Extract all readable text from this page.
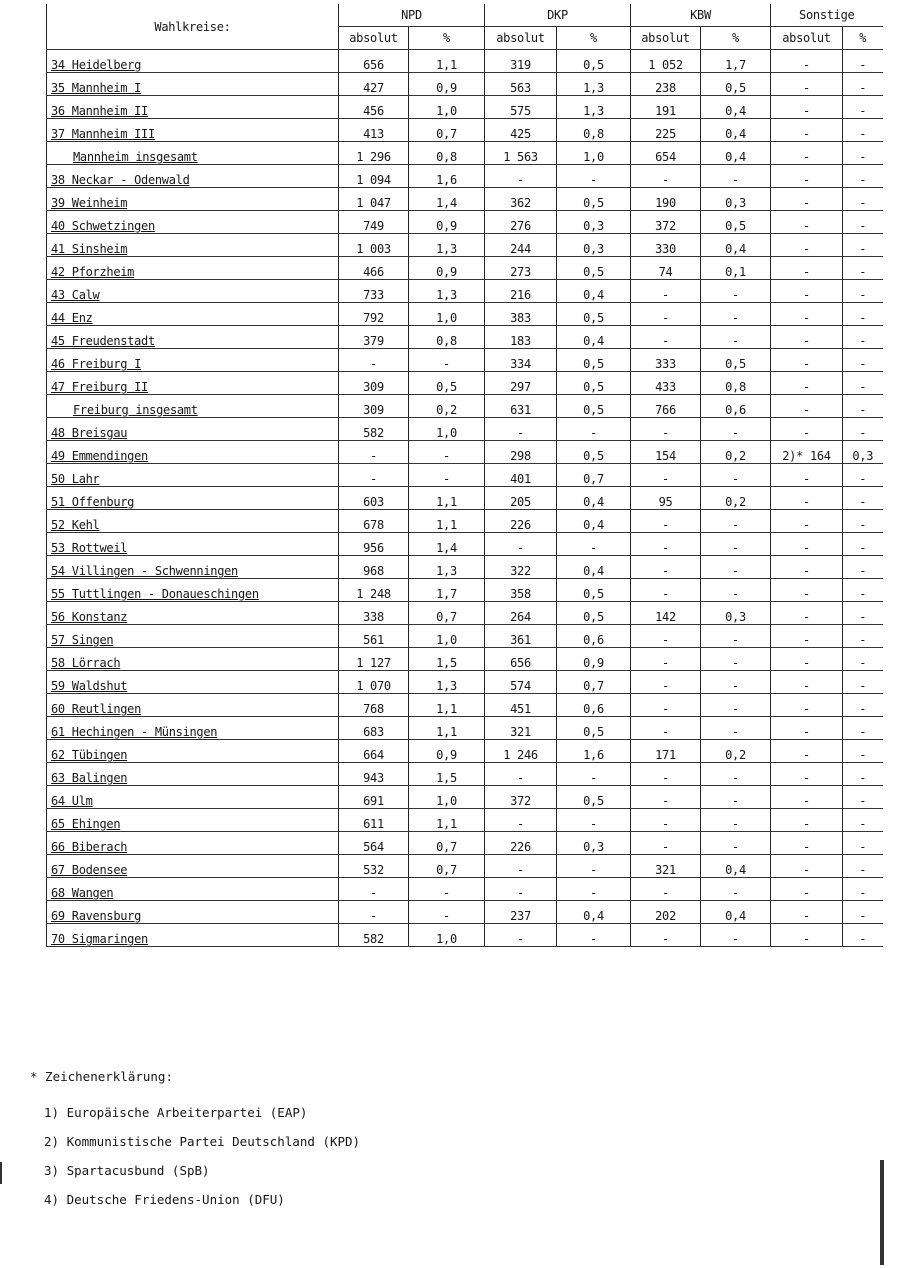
Wahlkreise:	NPD		DKP		KBW		Sonstige	
	absolut	%	absolut	%	absolut	%	absolut	%
34 Heidelberg	656	1,1	319	0,5	1 052	1,7	-	-
35 Mannheim I	427	0,9	563	1,3	238	0,5	-	-
36 Mannheim II	456	1,0	575	1,3	191	0,4	-	-
37 Mannheim III	413	0,7	425	0,8	225	0,4	-	-
Mannheim insgesamt	1 296	0,8	1 563	1,0	654	0,4	-	-
38 Neckar - Odenwald	1 094	1,6	-	-	-	-	-	-
39 Weinheim	1 047	1,4	362	0,5	190	0,3	-	-
40 Schwetzingen	749	0,9	276	0,3	372	0,5	-	-
41 Sinsheim	1 003	1,3	244	0,3	330	0,4	-	-
42 Pforzheim	466	0,9	273	0,5	74	0,1	-	-
43 Calw	733	1,3	216	0,4	-	-	-	-
44 Enz	792	1,0	383	0,5	-	-	-	-
45 Freudenstadt	379	0,8	183	0,4	-	-	-	-
46 Freiburg I	-	-	334	0,5	333	0,5	-	-
47 Freiburg II	309	0,5	297	0,5	433	0,8	-	-
Freiburg insgesamt	309	0,2	631	0,5	766	0,6	-	-
48 Breisgau	582	1,0	-	-	-	-	-	-
49 Emmendingen	-	-	298	0,5	154	0,2	2)* 164	0,3
50 Lahr	-	-	401	0,7	-	-	-	-
51 Offenburg	603	1,1	205	0,4	95	0,2	-	-
52 Kehl	678	1,1	226	0,4	-	-	-	-
53 Rottweil	956	1,4	-	-	-	-	-	-
54 Villingen - Schwenningen	968	1,3	322	0,4	-	-	-	-
55 Tuttlingen - Donaueschingen	1 248	1,7	358	0,5	-	-	-	-
56 Konstanz	338	0,7	264	0,5	142	0,3	-	-
57 Singen	561	1,0	361	0,6	-	-	-	-
58 Lörrach	1 127	1,5	656	0,9	-	-	-	-
59 Waldshut	1 070	1,3	574	0,7	-	-	-	-
60 Reutlingen	768	1,1	451	0,6	-	-	-	-
61 Hechingen - Münsingen	683	1,1	321	0,5	-	-	-	-
62 Tübingen	664	0,9	1 246	1,6	171	0,2	-	-
63 Balingen	943	1,5	-	-	-	-	-	-
64 Ulm	691	1,0	372	0,5	-	-	-	-
65 Ehingen	611	1,1	-	-	-	-	-	-
66 Biberach	564	0,7	226	0,3	-	-	-	-
67 Bodensee	532	0,7	-	-	321	0,4	-	-
68 Wangen	-	-	-	-	-	-	-	-
69 Ravensburg	-	-	237	0,4	202	0,4	-	-
70 Sigmaringen	582	1,0	-	-	-	-	-	-
* Zeichenerklärung:
1) Europäische Arbeiterpartei (EAP)
2) Kommunistische Partei Deutschland (KPD)
3) Spartacusbund (SpB)
4) Deutsche Friedens-Union (DFU)
